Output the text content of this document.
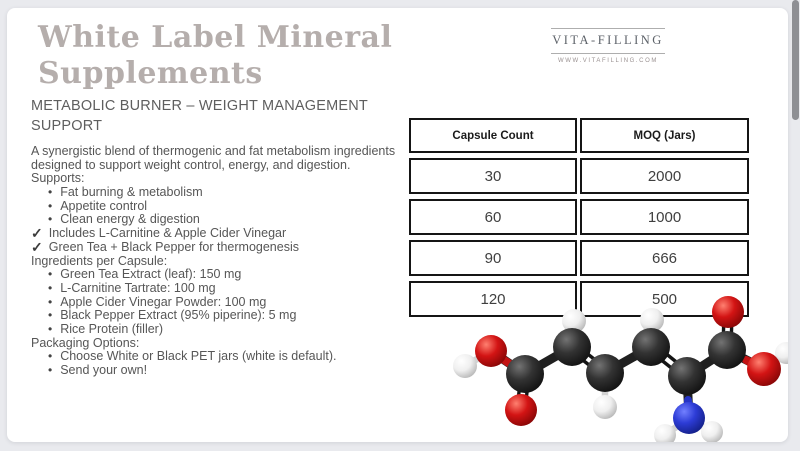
White Label Mineral Supplements
VITA-FILLING
WWW.VITAFILLING.COM
METABOLIC BURNER – WEIGHT MANAGEMENT SUPPORT
A synergistic blend of thermogenic and fat metabolism ingredients
designed to support weight control, energy, and digestion.
Supports:
• Fat burning & metabolism
• Appetite control
• Clean energy & digestion
✓ Includes L-Carnitine & Apple Cider Vinegar
✓ Green Tea + Black Pepper for thermogenesis
Ingredients per Capsule:
• Green Tea Extract (leaf): 150 mg
• L-Carnitine Tartrate: 100 mg
• Apple Cider Vinegar Powder: 100 mg
• Black Pepper Extract (95% piperine): 5 mg
• Rice Protein (filler)
Packaging Options:
• Choose White or Black PET jars (white is default).
• Send your own!
Capsule Count	MOQ (Jars)
30	2000
60	1000
90	666
120	500
